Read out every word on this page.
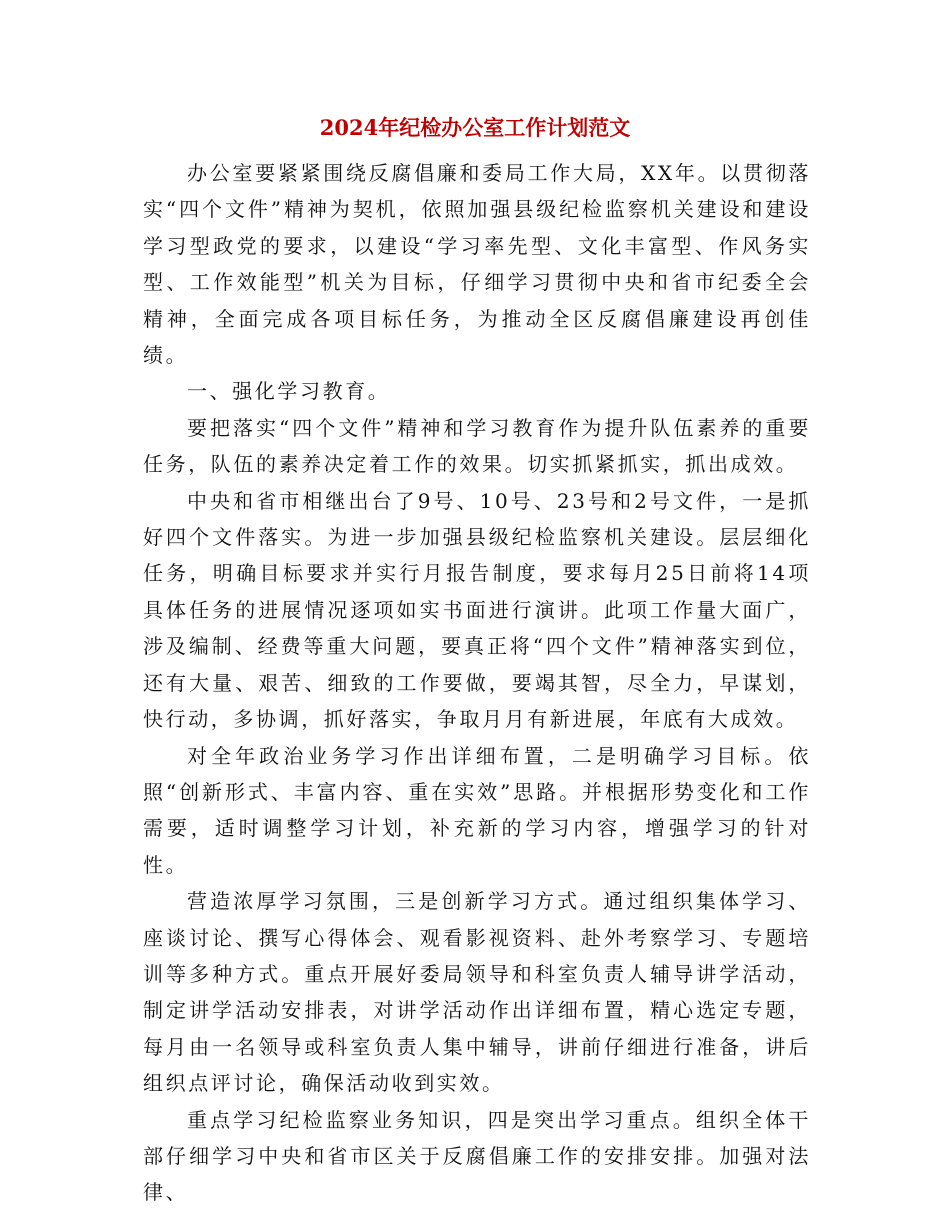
2024年纪检办公室工作计划范文

办公室要紧紧围绕反腐倡廉和委局工作大局，XX年。以贯彻落实“四个文件”精神为契机，依照加强县级纪检监察机关建设和建设学习型政党的要求，以建设“学习率先型、文化丰富型、作风务实型、工作效能型”机关为目标，仔细学习贯彻中央和省市纪委全会精神，全面完成各项目标任务，为推动全区反腐倡廉建设再创佳绩。

一、强化学习教育。

要把落实“四个文件”精神和学习教育作为提升队伍素养的重要任务，队伍的素养决定着工作的效果。切实抓紧抓实，抓出成效。

中央和省市相继出台了9号、10号、23号和2号文件，一是抓好四个文件落实。为进一步加强县级纪检监察机关建设。层层细化任务，明确目标要求并实行月报告制度，要求每月25日前将14项具体任务的进展情况逐项如实书面进行演讲。此项工作量大面广，涉及编制、经费等重大问题，要真正将“四个文件”精神落实到位，还有大量、艰苦、细致的工作要做，要竭其智，尽全力，早谋划，快行动，多协调，抓好落实，争取月月有新进展，年底有大成效。

对全年政治业务学习作出详细布置，二是明确学习目标。依照“创新形式、丰富内容、重在实效”思路。并根据形势变化和工作需要，适时调整学习计划，补充新的学习内容，增强学习的针对性。

营造浓厚学习氛围，三是创新学习方式。通过组织集体学习、座谈讨论、撰写心得体会、观看影视资料、赴外考察学习、专题培训等多种方式。重点开展好委局领导和科室负责人辅导讲学活动，制定讲学活动安排表，对讲学活动作出详细布置，精心选定专题，每月由一名领导或科室负责人集中辅导，讲前仔细进行准备，讲后组织点评讨论，确保活动收到实效。

重点学习纪检监察业务知识，四是突出学习重点。组织全体干部仔细学习中央和省市区关于反腐倡廉工作的安排安排。加强对法律、
